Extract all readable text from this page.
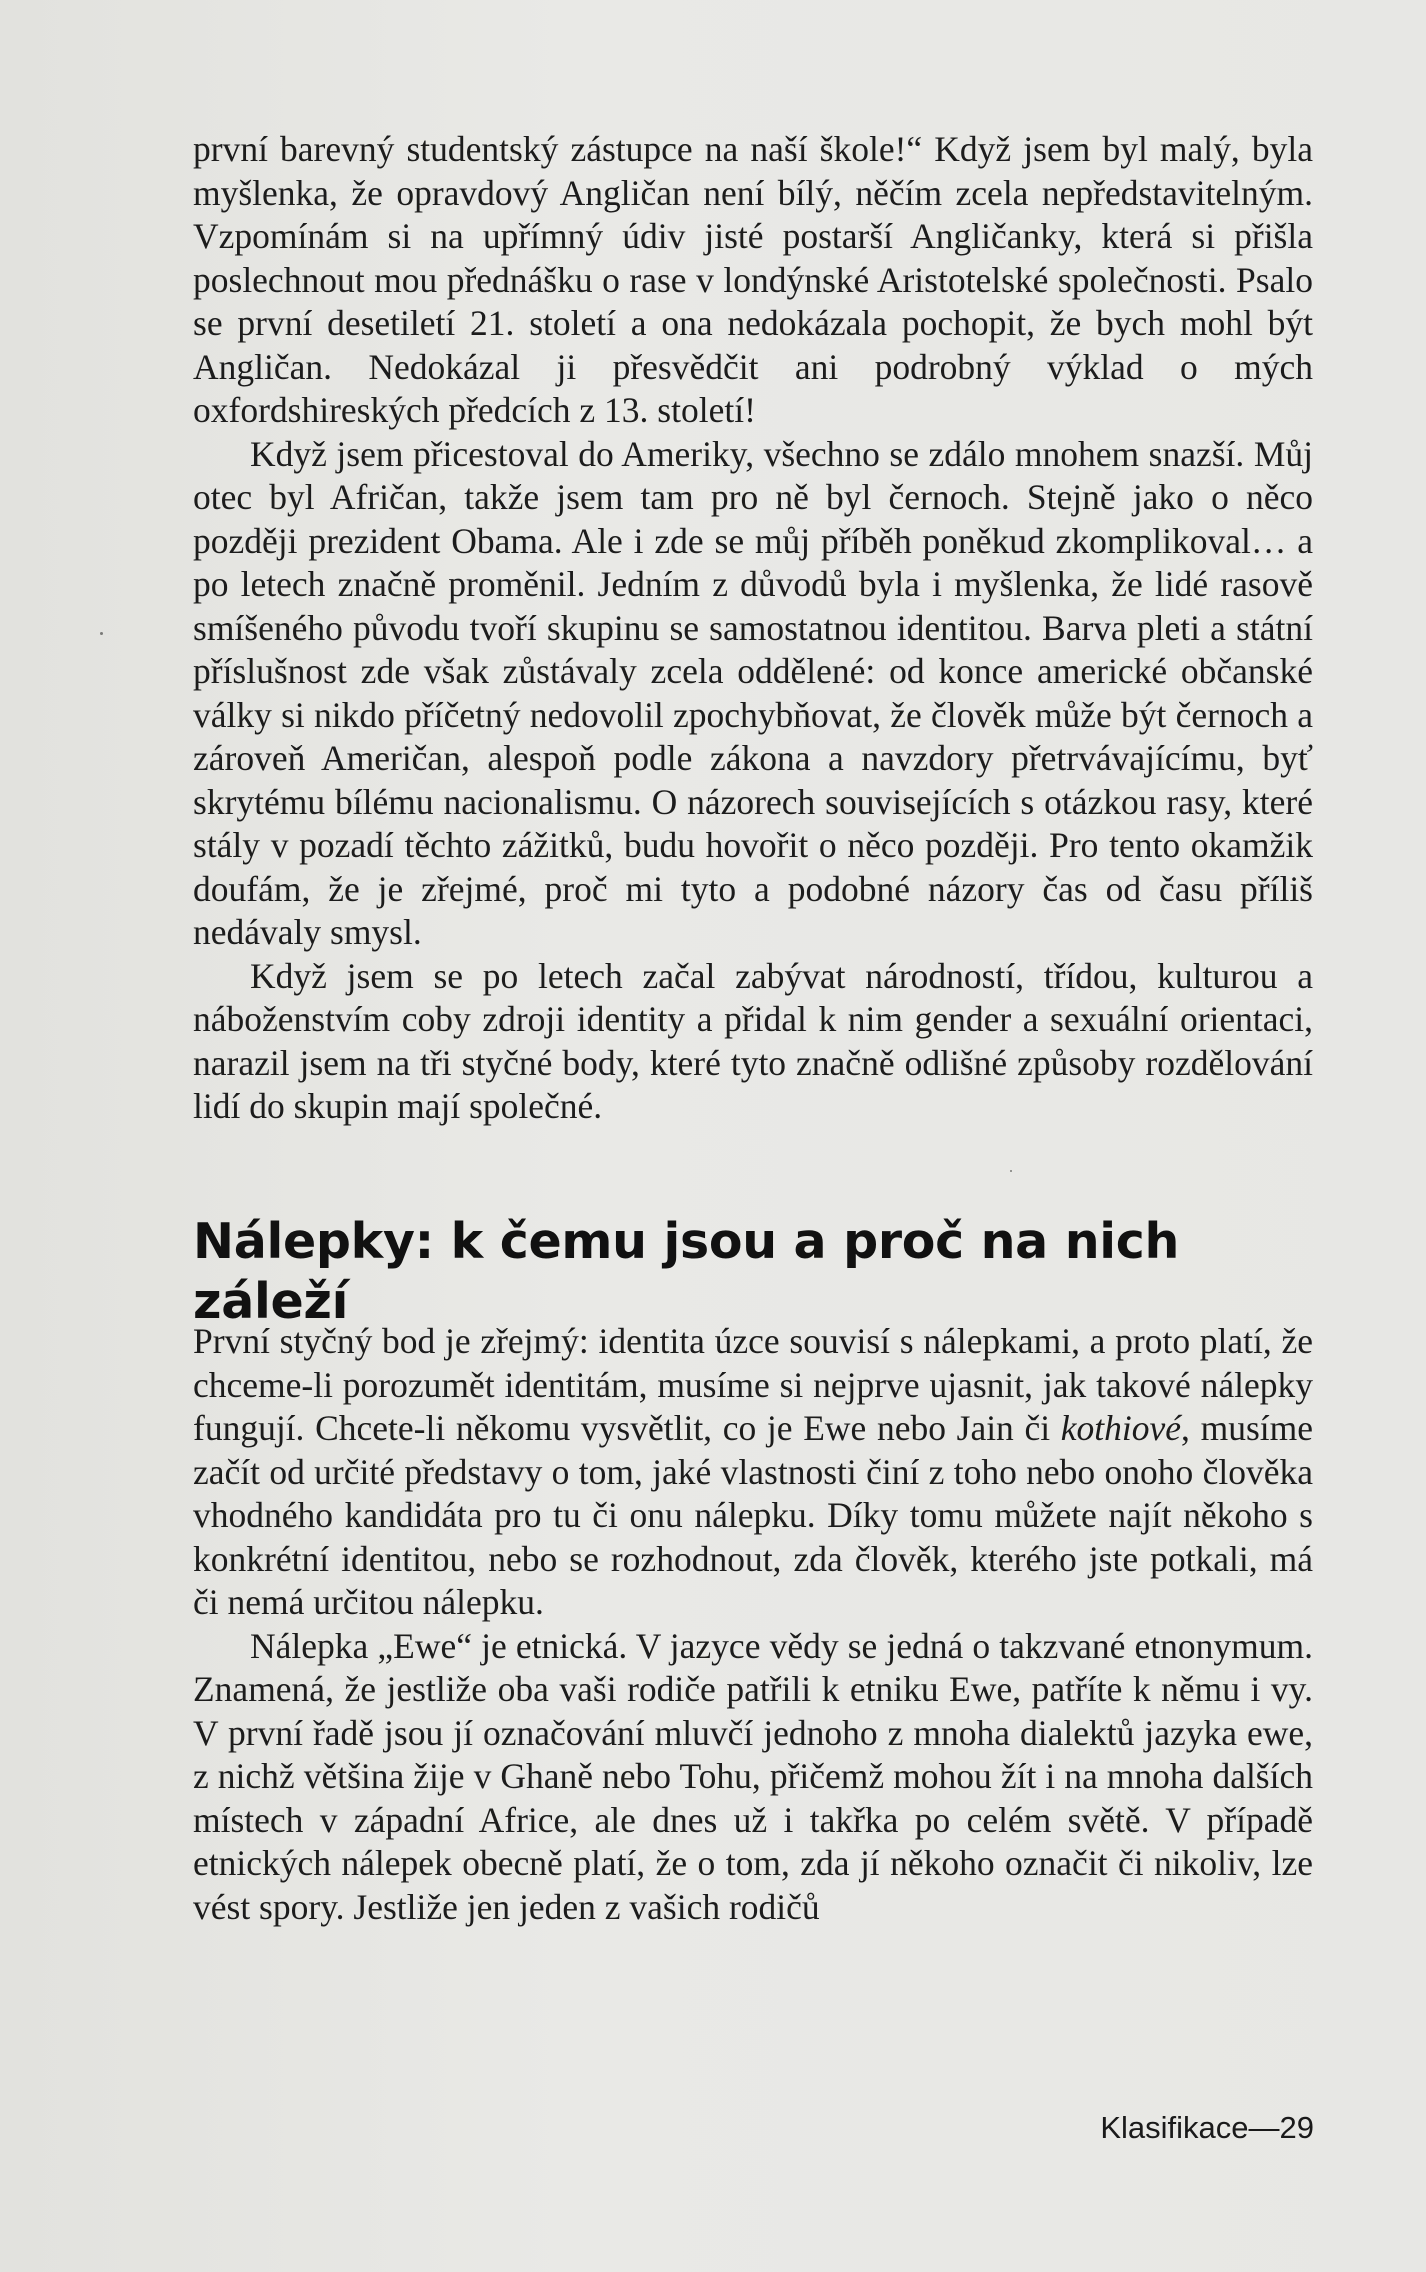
první barevný studentský zástupce na naší škole!“ Když jsem byl malý, byla myšlenka, že opravdový Angličan není bílý, něčím zcela nepředstavitelným. Vzpomínám si na upřímný údiv jisté postarší Angličanky, která si přišla poslechnout mou přednášku o rase v londýnské Aristotelské společnosti. Psalo se první desetiletí 21. století a ona nedokázala pochopit, že bych mohl být Angličan. Nedokázal ji přesvědčit ani podrobný výklad o mých oxfordshireských předcích z 13. století!

Když jsem přicestoval do Ameriky, všechno se zdálo mnohem snazší. Můj otec byl Afričan, takže jsem tam pro ně byl černoch. Stejně jako o něco později prezident Obama. Ale i zde se můj příběh poněkud zkomplikoval… a po letech značně proměnil. Jedním z důvodů byla i myšlenka, že lidé rasově smíšeného původu tvoří skupinu se samostatnou identitou. Barva pleti a státní příslušnost zde však zůstávaly zcela oddělené: od konce americké občanské války si nikdo příčetný nedovolil zpochybňovat, že člověk může být černoch a zároveň Američan, alespoň podle zákona a navzdory přetrvávajícímu, byť skrytému bílému nacionalismu. O názorech souvisejících s otázkou rasy, které stály v pozadí těchto zážitků, budu hovořit o něco později. Pro tento okamžik doufám, že je zřejmé, proč mi tyto a podobné názory čas od času příliš nedávaly smysl.

Když jsem se po letech začal zabývat národností, třídou, kulturou a náboženstvím coby zdroji identity a přidal k nim gender a sexuální orientaci, narazil jsem na tři styčné body, které tyto značně odlišné způsoby rozdělování lidí do skupin mají společné.

Nálepky: k čemu jsou a proč na nich záleží

První styčný bod je zřejmý: identita úzce souvisí s nálepkami, a proto platí, že chceme-li porozumět identitám, musíme si nejprve ujasnit, jak takové nálepky fungují. Chcete-li někomu vysvětlit, co je Ewe nebo Jain či kothiové, musíme začít od určité představy o tom, jaké vlastnosti činí z toho nebo onoho člověka vhodného kandidáta pro tu či onu nálepku. Díky tomu můžete najít někoho s konkrétní identitou, nebo se rozhodnout, zda člověk, kterého jste potkali, má či nemá určitou nálepku.

Nálepka „Ewe“ je etnická. V jazyce vědy se jedná o takzvané etnonymum. Znamená, že jestliže oba vaši rodiče patřili k etniku Ewe, patříte k němu i vy. V první řadě jsou jí označování mluvčí jednoho z mnoha dialektů jazyka ewe, z nichž většina žije v Ghaně nebo Tohu, přičemž mohou žít i na mnoha dalších místech v západní Africe, ale dnes už i takřka po celém světě. V případě etnických nálepek obecně platí, že o tom, zda jí někoho označit či nikoliv, lze vést spory. Jestliže jen jeden z vašich rodičů

Klasifikace—29
